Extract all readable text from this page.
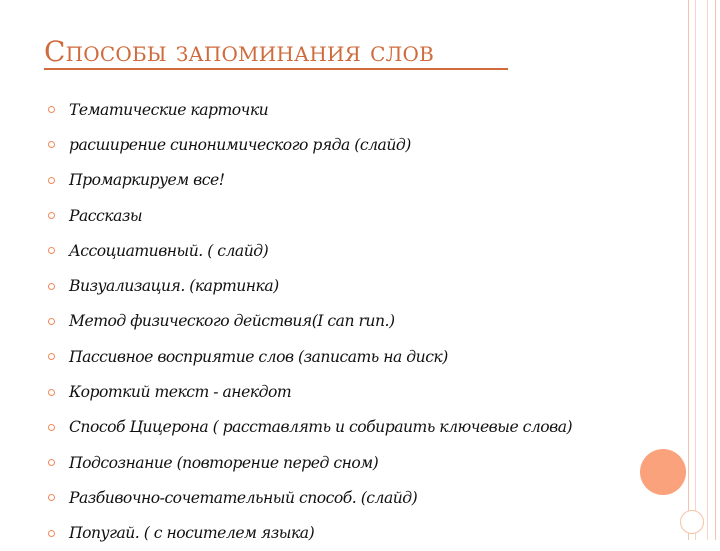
Способы запоминания слов
Тематические карточки
расширение синонимического ряда (слайд)
Промаркируем все!
Рассказы
Ассоциативный. ( слайд)
Визуализация. (картинка)
Метод физического действия(I can run.)
Пассивное восприятие слов (записать на диск)
Короткий текст - анекдот
Способ Цицерона ( расставлять и собираить ключевые слова)
Подсознание (повторение перед сном)
Разбивочно-сочетательный способ. (слайд)
Попугай. ( с носителем языка)
